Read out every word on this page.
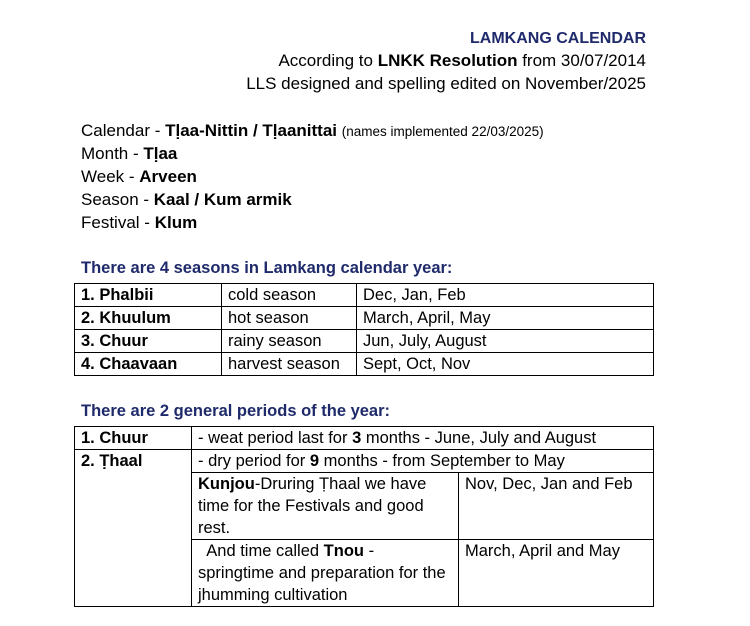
LAMKANG CALENDAR
According to LNKK Resolution from 30/07/2014
LLS designed and spelling edited on November/2025
Calendar - Tḷaa-Nittin / Tḷaanittai (names implemented 22/03/2025)
Month - Tḷaa
Week - Arveen
Season - Kaal / Kum armik
Festival - Klum
There are 4 seasons in Lamkang calendar year:
1. Phalbii	cold season	Dec, Jan, Feb
2. Khuulum	hot season	March, April, May
3. Chuur	rainy season	Jun, July, August
4. Chaavaan	harvest season	Sept, Oct, Nov
There are 2 general periods of the year:
1. Chuur	- weat period last for 3 months - June, July and August	
2. Ṭhaal	- dry period for 9 months - from September to May	
	Kunjou-Druring Ṭhaal we have time for the Festivals and good rest.	Nov, Dec, Jan and Feb
	And time called Tnou - springtime and preparation for the jhumming cultivation	March, April and May
